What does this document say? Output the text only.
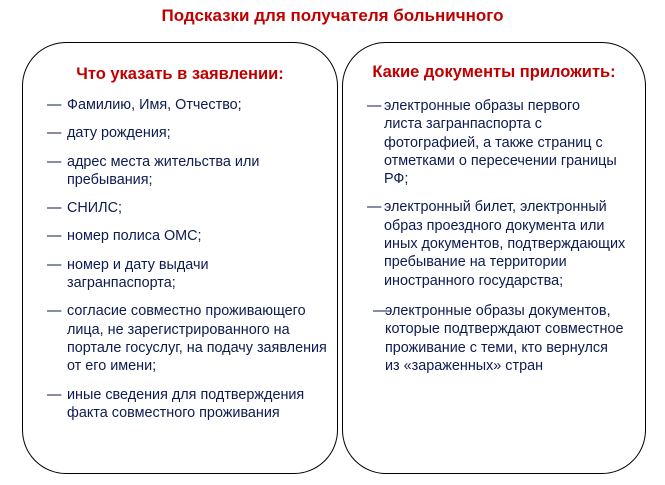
Подсказки для получателя больничного
Что указать в заявлении:
— Фамилию, Имя, Отчество;
— дату рождения;
— адрес места жительства или пребывания;
— СНИЛС;
— номер полиса ОМС;
— номер и дату выдачи загранпаспорта;
— согласие совместно проживающего лица, не зарегистрированного на портале госуслуг, на подачу заявления от его имени;
— иные сведения для подтверждения факта совместного проживания
Какие документы приложить:
— электронные образы первого листа загранпаспорта с фотографией, а также страниц с отметками о пересечении границы РФ;
— электронный билет, электронный образ проездного документа или иных документов, подтверждающих пребывание на территории иностранного государства;
—
электронные образы документов, которые подтверждают совместное проживание с теми, кто вернулся из «зараженных» стран
